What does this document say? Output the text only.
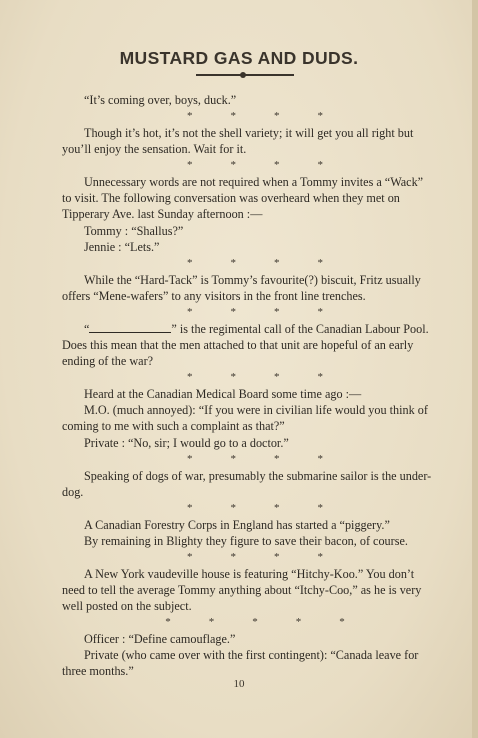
MUSTARD GAS AND DUDS.

“It’s coming over, boys, duck.”

*	*	*	*

Though it’s hot, it’s not the shell variety; it will get you all right but you’ll enjoy the sensation. Wait for it.

*	*	*	*

Unnecessary words are not required when a Tommy invites a “Wack” to visit. The following conversation was overheard when they met on Tipperary Ave. last Sunday afternoon :—

Tommy : “Shallus?”

Jennie : “Lets.”

*	*	*	*

While the “Hard-Tack” is Tommy’s favourite(?) biscuit, Fritz usually offers “Mene-wafers” to any visitors in the front line trenches.

*	*	*	*

“	” is the regimental call of the Canadian Labour Pool. Does this mean that the men attached to that unit are hopeful of an early ending of the war?

*	*	*	*

Heard at the Canadian Medical Board some time ago :—

M.O. (much annoyed): “If you were in civilian life would you think of coming to me with such a complaint as that?”

Private : “No, sir; I would go to a doctor.”

*	*	*	*

Speaking of dogs of war, presumably the submarine sailor is the under-dog.

*	*	*	*

A Canadian Forestry Corps in England has started a “piggery.”

By remaining in Blighty they figure to save their bacon, of course.

*	*	*	*

A New York vaudeville house is featuring “Hitchy-Koo.” You don’t need to tell the average Tommy anything about “Itchy-Coo,” as he is very well posted on the subject.

*	*	*	*	*

Officer : “Define camouflage.”

Private (who came over with the first contingent): “Canada leave for three months.”

10
